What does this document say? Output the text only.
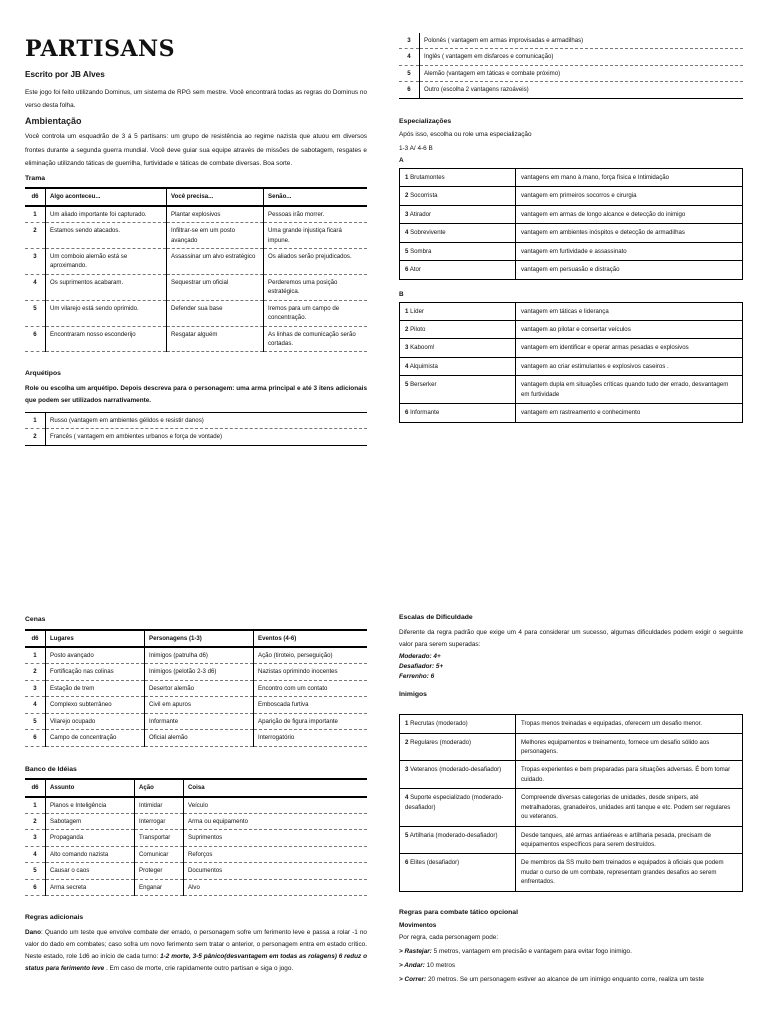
PARTISANS
Escrito por JB Alves

Este jogo foi feito utilizando Dominus, um sistema de RPG sem mestre. Você encontrará todas as regras do Dominus no verso desta folha.

Ambientação

Você controla um esquadrão de 3 á 5 partisans: um grupo de resistência ao regime nazista que atuou em diversos frontes durante a segunda guerra mundial. Você deve guiar sua equipe através de missões de sabotagem, resgates e eliminação utilizando táticas de guerrilha, furtividade e táticas de combate diversas. Boa sorte.

Trama
d6	Algo aconteceu...	Você precisa...	Senão...
1	Um aliado importante foi capturado.	Plantar explosivos	Pessoas irão morrer.
2	Estamos sendo atacados.	Infiltrar-se em um posto avançado	Uma grande injustiça ficará impune.
3	Um comboio alemão está se aproximando.	Assassinar um alvo estratégico	Os aliados serão prejudicados.
4	Os suprimentos acabaram.	Sequestrar um oficial	Perderemos uma posição estratégica.
5	Um vilarejo está sendo oprimido.	Defender sua base	Iremos para um campo de concentração.
6	Encontraram nosso esconderijo	Resgatar alguém	As linhas de comunicação serão cortadas.
Arquétipos

Role ou escolha um arquétipo. Depois descreva para o personagem: uma arma principal e até 3 itens adicionais que podem ser utilizados narrativamente.

1	Russo (vantagem em ambientes gélidos e resistir danos)
2	Francês ( vantagem em ambientes urbanos e força de vontade)
3	Polonês ( vantagem em armas improvisadas e armadilhas)
4	Inglês ( vantagem em disfarces e comunicação)
5	Alemão (vantagem em táticas e combate próximo)
6	Outro (escolha 2 vantagens razoáveis)
Especializações
Após isso, escolha ou role uma especialização
1-3 A/ 4-6 B
A
1 Brutamontes	vantagens em mano à mano, força física e Intimidação
2 Socorrista	vantagem em primeiros socorros e cirurgia
3 Atirador	vantagem em armas de longo alcance e detecção do inimigo
4 Sobrevivente	vantagem em ambientes inóspitos e detecção de armadilhas
5 Sombra	vantagem em furtividade e assassinato
6 Ator	vantagem em persuasão e distração
B
1 Líder	vantagem em táticas e liderança
2 Piloto	vantagem ao pilotar e consertar veículos
3 Kaboom!	vantagem em identificar e operar armas pesadas e explosivos
4 Alquimista	vantagem ao criar estimulantes e explosivos caseiros .
5 Berserker	vantagem dupla em situações críticas quando tudo der errado, desvantagem em furtividade
6 Informante	vantagem em rastreamento e conhecimento
Cenas
d6	Lugares	Personagens (1-3)	Eventos (4-6)
1	Posto avançado	Inimigos (patrulha d6)	Ação (tiroteio, perseguição)
2	Fortificação nas colinas	Inimigos (pelotão 2-3 d6)	Nazistas oprimindo inocentes
3	Estação de trem	Desertor alemão	Encontro com um contato
4	Complexo subterrâneo	Civil em apuros	Emboscada furtiva
5	Vilarejo ocupado	Informante	Aparição de figura importante
6	Campo de concentração	Oficial alemão	Interrogatório
Banco de Idéias
d6	Assunto	Ação	Coisa
1	Planos e Inteligência	Intimidar	Veículo
2	Sabotagem	Interrogar	Arma ou equipamento
3	Propaganda	Transportar	Suprimentos
4	Alto comando nazista	Comunicar	Reforços
5	Causar o caos	Proteger	Documentos
6	Arma secreta	Enganar	Alvo
Regras adicionais

Dano: Quando um teste que envolve combate der errado, o personagem sofre um ferimento leve e passa a rolar -1 no valor do dado em combates; caso sofra um novo ferimento sem tratar o anterior, o personagem entra em estado crítico. Neste estado, role 1d6 ao início de cada turno: 1-2 morte, 3-5 pânico(desvantagem em todas as rolagens) 6 reduz o status para ferimento leve . Em caso de morte, crie rapidamente outro partisan e siga o jogo.

Escalas de Dificuldade

Diferente da regra padrão que exige um 4 para considerar um sucesso, algumas dificuldades podem exigir o seguinte valor para serem superadas:

Moderado: 4+
Desafiador: 5+
Ferrenho: 6
Inimigos
1 Recrutas (moderado)	Tropas menos treinadas e equipadas, oferecem um desafio menor.
2 Regulares (moderado)	Melhores equipamentos e treinamento, fornece um desafio sólido aos personagens.
3 Veteranos (moderado-desafiador)	Tropas experientes e bem preparadas para situações adversas. É bom tomar cuidado.
4 Suporte especializado (moderado-desafiador)	Compreende diversas categorias de unidades, desde snipers, até metralhadoras, granadeiros, unidades anti tanque e etc. Podem ser regulares ou veteranos.
5 Artilharia (moderado-desafiador)	Desde tanques, até armas antiaéreas e artilharia pesada, precisam de equipamentos específicos para serem destruídos.
6 Elites (desafiador)	De membros da SS muito bem treinados e equipados à oficiais que podem mudar o curso de um combate, representam grandes desafios ao serem enfrentados.
Regras para combate tático opcional
Movimentos
Por regra, cada personagem pode:
> Rastejar: 5 metros, vantagem em precisão e vantagem para evitar fogo inimigo.
> Andar: 10 metros
> Correr: 20 metros. Se um personagem estiver ao alcance de um inimigo enquanto corre, realiza um teste
